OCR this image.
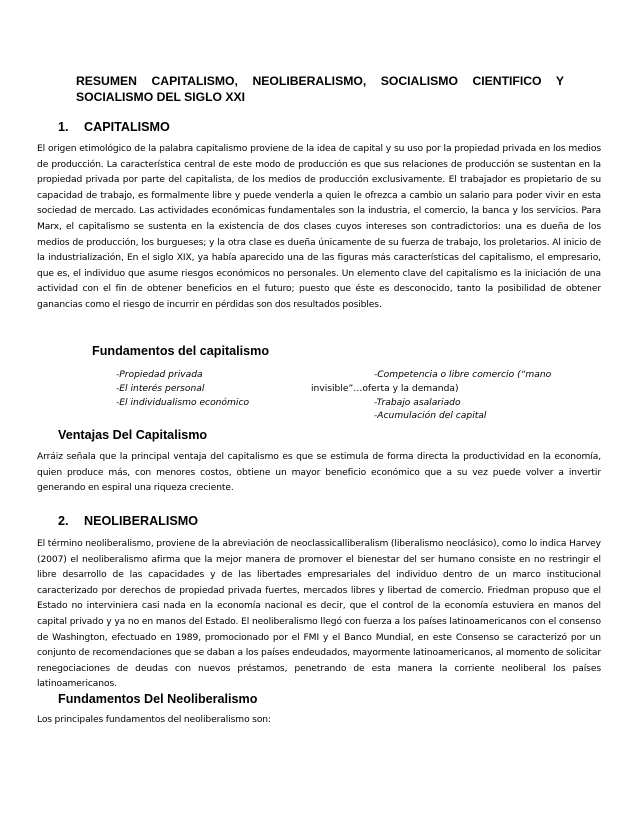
RESUMEN CAPITALISMO, NEOLIBERALISMO, SOCIALISMO CIENTIFICO Y SOCIALISMO DEL SIGLO XXI
1. CAPITALISMO

El origen etimológico de la palabra capitalismo proviene de la idea de capital y su uso por la propiedad privada en los medios de producción. La característica central de este modo de producción es que sus relaciones de producción se sustentan en la propiedad privada por parte del capitalista, de los medios de producción exclusivamente. El trabajador es propietario de su capacidad de trabajo, es formalmente libre y puede venderla a quien le ofrezca a cambio un salario para poder vivir en esta sociedad de mercado. Las actividades económicas fundamentales son la industria, el comercio, la banca y los servicios. Para Marx, el capitalismo se sustenta en la existencia de dos clases cuyos intereses son contradictorios: una es dueña de los medios de producción, los burgueses; y la otra clase es dueña únicamente de su fuerza de trabajo, los proletarios. Al inicio de la industrialización, En el siglo XIX, ya había aparecido una de las figuras más características del capitalismo, el empresario, que es, el individuo que asume riesgos económicos no personales. Un elemento clave del capitalismo es la iniciación de una actividad con el fin de obtener beneficios en el futuro; puesto que éste es desconocido, tanto la posibilidad de obtener ganancias como el riesgo de incurrir en pérdidas son dos resultados posibles.

Fundamentos del capitalismo
-Propiedad privada
-El interés personal
-El individualismo económico
-Competencia o libre comercio (“mano
invisible”…oferta y la demanda)
-Trabajo asalariado
-Acumulación del capital
Ventajas Del Capitalismo

Arráiz señala que la principal ventaja del capitalismo es que se estimula de forma directa la productividad en la economía, quien produce más, con menores costos, obtiene un mayor beneficio económico que a su vez puede volver a invertir generando en espiral una riqueza creciente.

2. NEOLIBERALISMO

El término neoliberalismo, proviene de la abreviación de neoclassicalliberalism (liberalismo neoclásico), como lo indica Harvey (2007) el neoliberalismo afirma que la mejor manera de promover el bienestar del ser humano consiste en no restringir el libre desarrollo de las capacidades y de las libertades empresariales del individuo dentro de un marco institucional caracterizado por derechos de propiedad privada fuertes, mercados libres y libertad de comercio. Friedman propuso que el Estado no interviniera casi nada en la economía nacional es decir, que el control de la economía estuviera en manos del capital privado y ya no en manos del Estado. El neoliberalismo llegó con fuerza a los países latinoamericanos con el consenso de Washington, efectuado en 1989, promocionado por el FMI y el Banco Mundial, en este Consenso se caracterizó por un conjunto de recomendaciones que se daban a los países endeudados, mayormente latinoamericanos, al momento de solicitar renegociaciones de deudas con nuevos préstamos, penetrando de esta manera la corriente neoliberal los países latinoamericanos.

Fundamentos Del Neoliberalismo

Los principales fundamentos del neoliberalismo son:
